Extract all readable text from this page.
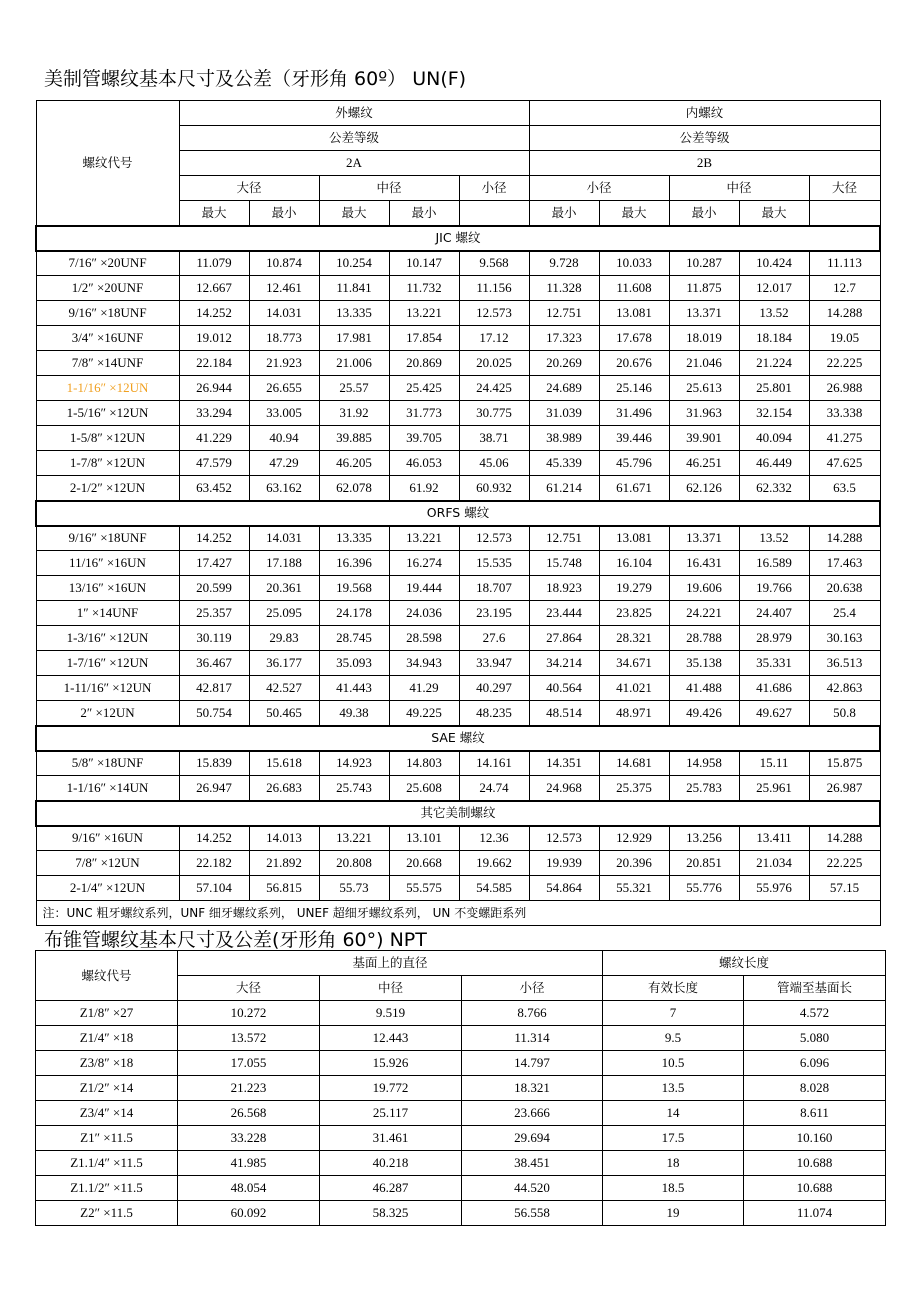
美制管螺纹基本尺寸及公差（牙形角 60º） UN(F)
螺纹代号	外螺纹					内螺纹				
	公差等级					公差等级				
	2A					2B				
	大径		中径		小径	小径		中径		大径
	最大	最小	最大	最小		最小	最大	最小	最大	
JIC 螺纹										
7/16″ ×20UNF	11.079	10.874	10.254	10.147	9.568	9.728	10.033	10.287	10.424	11.113
1/2″ ×20UNF	12.667	12.461	11.841	11.732	11.156	11.328	11.608	11.875	12.017	12.7
9/16″ ×18UNF	14.252	14.031	13.335	13.221	12.573	12.751	13.081	13.371	13.52	14.288
3/4″ ×16UNF	19.012	18.773	17.981	17.854	17.12	17.323	17.678	18.019	18.184	19.05
7/8″ ×14UNF	22.184	21.923	21.006	20.869	20.025	20.269	20.676	21.046	21.224	22.225
1-1/16″ ×12UN	26.944	26.655	25.57	25.425	24.425	24.689	25.146	25.613	25.801	26.988
1-5/16″ ×12UN	33.294	33.005	31.92	31.773	30.775	31.039	31.496	31.963	32.154	33.338
1-5/8″ ×12UN	41.229	40.94	39.885	39.705	38.71	38.989	39.446	39.901	40.094	41.275
1-7/8″ ×12UN	47.579	47.29	46.205	46.053	45.06	45.339	45.796	46.251	46.449	47.625
2-1/2″ ×12UN	63.452	63.162	62.078	61.92	60.932	61.214	61.671	62.126	62.332	63.5
ORFS 螺纹										
9/16″ ×18UNF	14.252	14.031	13.335	13.221	12.573	12.751	13.081	13.371	13.52	14.288
11/16″ ×16UN	17.427	17.188	16.396	16.274	15.535	15.748	16.104	16.431	16.589	17.463
13/16″ ×16UN	20.599	20.361	19.568	19.444	18.707	18.923	19.279	19.606	19.766	20.638
1″ ×14UNF	25.357	25.095	24.178	24.036	23.195	23.444	23.825	24.221	24.407	25.4
1-3/16″ ×12UN	30.119	29.83	28.745	28.598	27.6	27.864	28.321	28.788	28.979	30.163
1-7/16″ ×12UN	36.467	36.177	35.093	34.943	33.947	34.214	34.671	35.138	35.331	36.513
1-11/16″ ×12UN	42.817	42.527	41.443	41.29	40.297	40.564	41.021	41.488	41.686	42.863
2″ ×12UN	50.754	50.465	49.38	49.225	48.235	48.514	48.971	49.426	49.627	50.8
SAE 螺纹										
5/8″ ×18UNF	15.839	15.618	14.923	14.803	14.161	14.351	14.681	14.958	15.11	15.875
1-1/16″ ×14UN	26.947	26.683	25.743	25.608	24.74	24.968	25.375	25.783	25.961	26.987
其它美制螺纹										
9/16″ ×16UN	14.252	14.013	13.221	13.101	12.36	12.573	12.929	13.256	13.411	14.288
7/8″ ×12UN	22.182	21.892	20.808	20.668	19.662	19.939	20.396	20.851	21.034	22.225
2-1/4″ ×12UN	57.104	56.815	55.73	55.575	54.585	54.864	55.321	55.776	55.976	57.15
注：UNC 粗牙螺纹系列，UNF 细牙螺纹系列， UNEF 超细牙螺纹系列， UN 不变螺距系列										
布锥管螺纹基本尺寸及公差(牙形角 60°) NPT
螺纹代号	基面上的直径			螺纹长度	
	大径	中径	小径	有效长度	管端至基面长
Z1/8″ ×27	10.272	9.519	8.766	7	4.572
Z1/4″ ×18	13.572	12.443	11.314	9.5	5.080
Z3/8″ ×18	17.055	15.926	14.797	10.5	6.096
Z1/2″ ×14	21.223	19.772	18.321	13.5	8.028
Z3/4″ ×14	26.568	25.117	23.666	14	8.611
Z1″ ×11.5	33.228	31.461	29.694	17.5	10.160
Z1.1/4″ ×11.5	41.985	40.218	38.451	18	10.688
Z1.1/2″ ×11.5	48.054	46.287	44.520	18.5	10.688
Z2″ ×11.5	60.092	58.325	56.558	19	11.074
